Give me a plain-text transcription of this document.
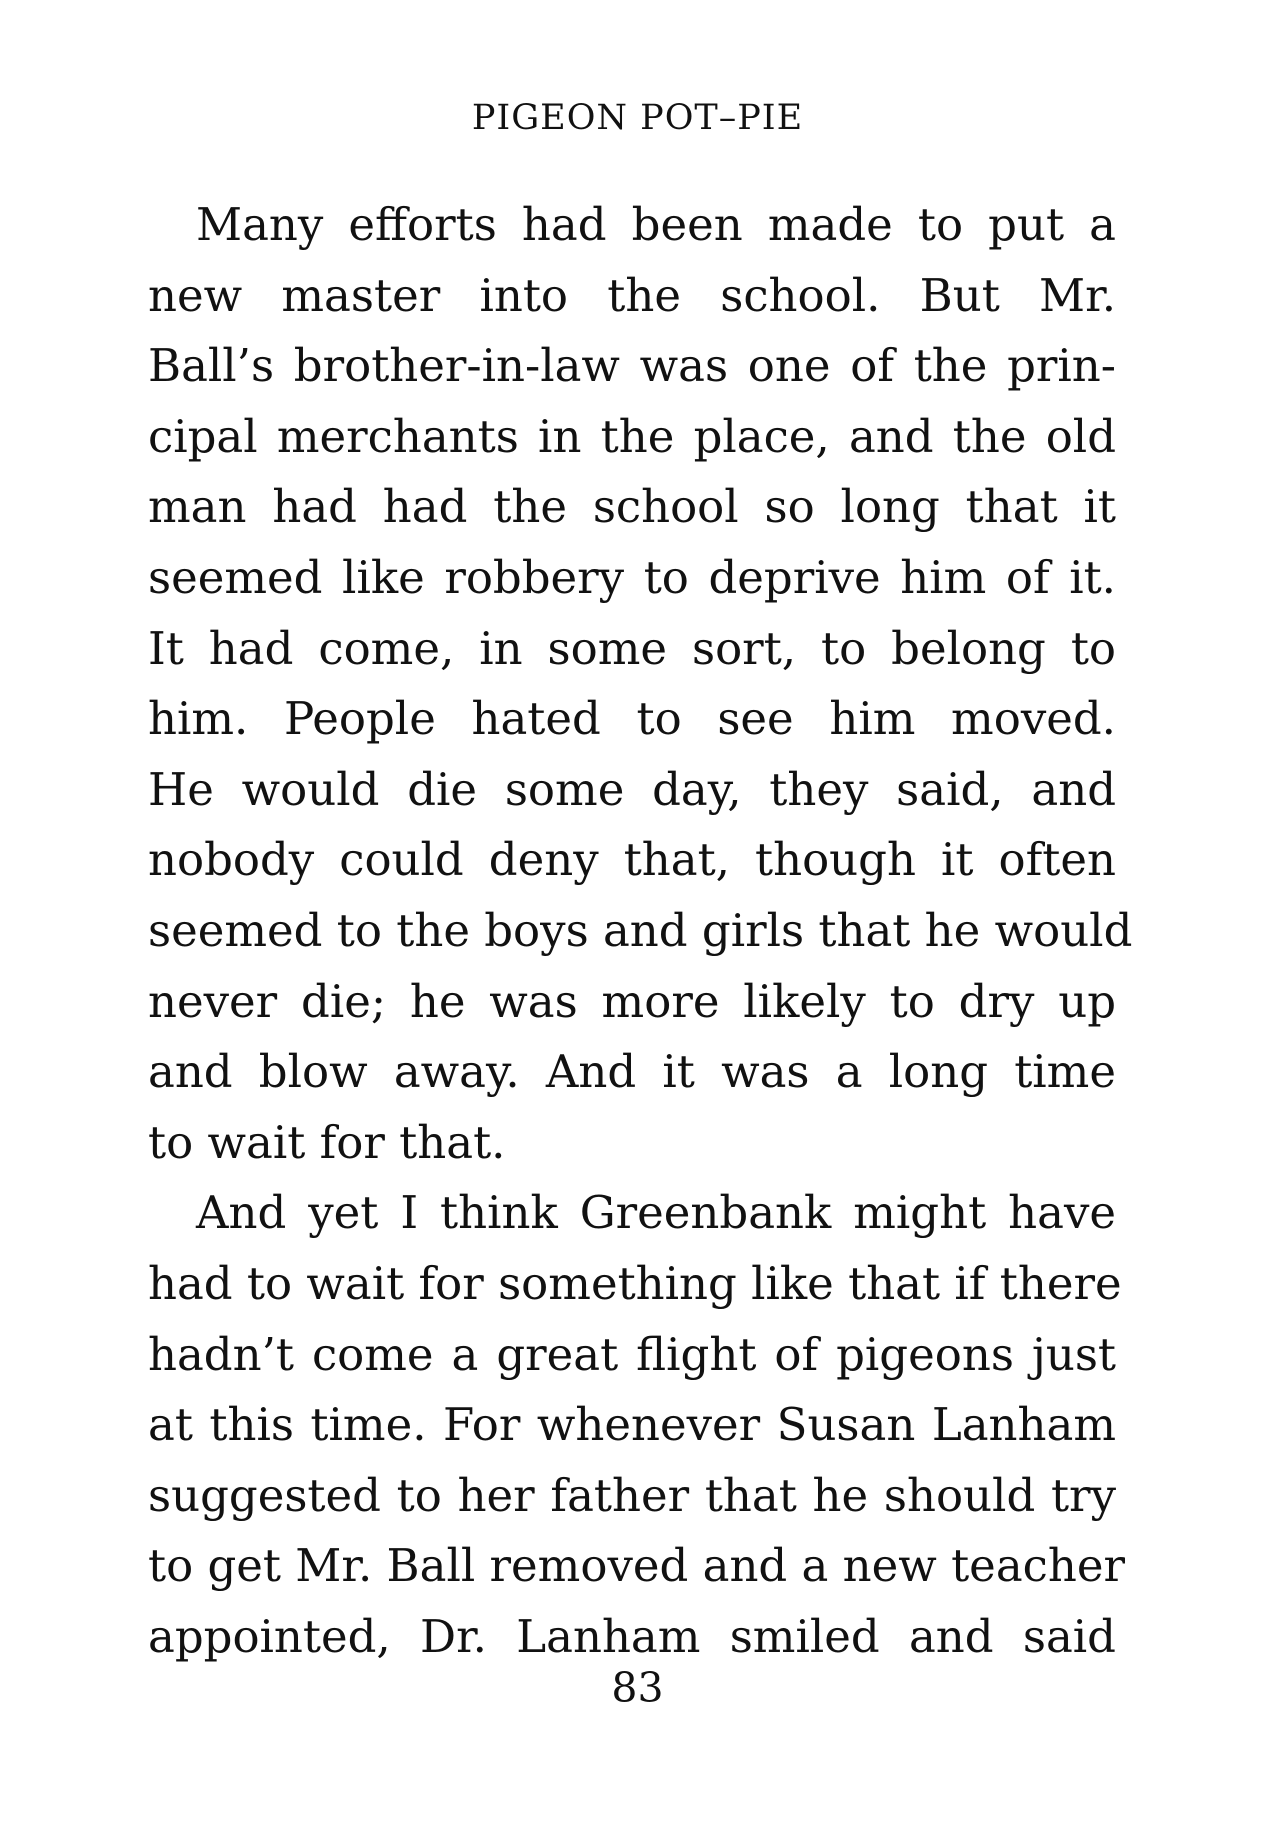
PIGEON POT–PIE
Many efforts had been made to put a
new master into the school. But Mr.
Ball’s brother-in-law was one of the prin-
cipal merchants in the place, and the old
man had had the school so long that it
seemed like robbery to deprive him of it.
It had come, in some sort, to belong to
him. People hated to see him moved.
He would die some day, they said, and
nobody could deny that, though it often
seemed to the boys and girls that he would
never die; he was more likely to dry up
and blow away. And it was a long time
to wait for that.
And yet I think Greenbank might have
had to wait for something like that if there
hadn’t come a great flight of pigeons just
at this time. For whenever Susan Lanham
suggested to her father that he should try
to get Mr. Ball removed and a new teacher
appointed, Dr. Lanham smiled and said
83
